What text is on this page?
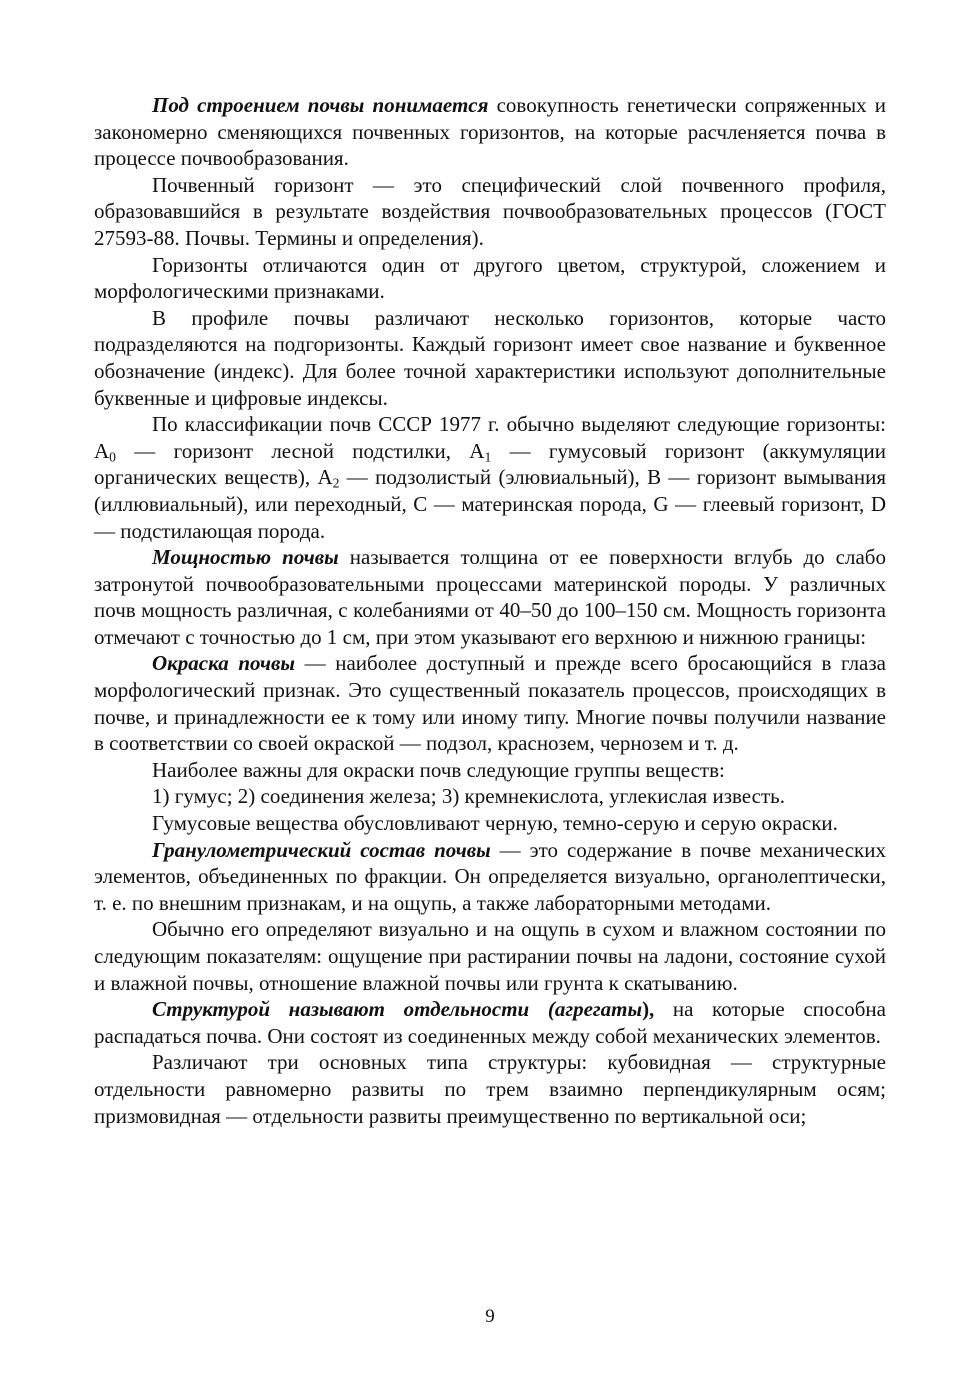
Под строением почвы понимается совокупность генетически сопряженных и закономерно сменяющихся почвенных горизонтов, на которые расчленяется почва в процессе почвообразования.

Почвенный горизонт — это специфический слой почвенного профиля, образовавшийся в результате воздействия почвообразовательных процессов (ГОСТ 27593-88. Почвы. Термины и определения).

Горизонты отличаются один от другого цветом, структурой, сложением и морфологическими признаками.

В профиле почвы различают несколько горизонтов, которые часто подразделяются на подгоризонты. Каждый горизонт имеет свое название и буквенное обозначение (индекс). Для более точной характеристики используют дополнительные буквенные и цифровые индексы.

По классификации почв СССР 1977 г. обычно выделяют следующие горизонты: $A_0$ — горизонт лесной подстилки, $A_1$ — гумусовый горизонт (аккумуляции органических веществ), $A_2$ — подзолистый (элювиальный), B — горизонт вымывания (иллювиальный), или переходный, C — материнская порода, G — глеевый горизонт, D — подстилающая порода.

Мощностью почвы называется толщина от ее поверхности вглубь до слабо затронутой почвообразовательными процессами материнской породы. У различных почв мощность различная, с колебаниями от 40–50 до 100–150 см. Мощность горизонта отмечают с точностью до 1 см, при этом указывают его верхнюю и нижнюю границы:

Окраска почвы — наиболее доступный и прежде всего бросающийся в глаза морфологический признак. Это существенный показатель процессов, происходящих в почве, и принадлежности ее к тому или иному типу. Многие почвы получили название в соответствии со своей окраской — подзол, краснозем, чернозем и т. д.

Наиболее важны для окраски почв следующие группы веществ:

1) гумус; 2) соединения железа; 3) кремнекислота, углекислая известь.

Гумусовые вещества обусловливают черную, темно-серую и серую окраски.

Гранулометрический состав почвы — это содержание в почве механических элементов, объединенных по фракции. Он определяется визуально, органолептически, т. е. по внешним признакам, и на ощупь, а также лабораторными методами.

Обычно его определяют визуально и на ощупь в сухом и влажном состоянии по следующим показателям: ощущение при растирании почвы на ладони, состояние сухой и влажной почвы, отношение влажной почвы или грунта к скатыванию.

Структурой называют отдельности (агрегаты), на которые способна распадаться почва. Они состоят из соединенных между собой механических элементов.

Различают три основных типа структуры: кубовидная — структурные отдельности равномерно развиты по трем взаимно перпендикулярным осям; призмовидная — отдельности развиты преимущественно по вертикальной оси;

9
